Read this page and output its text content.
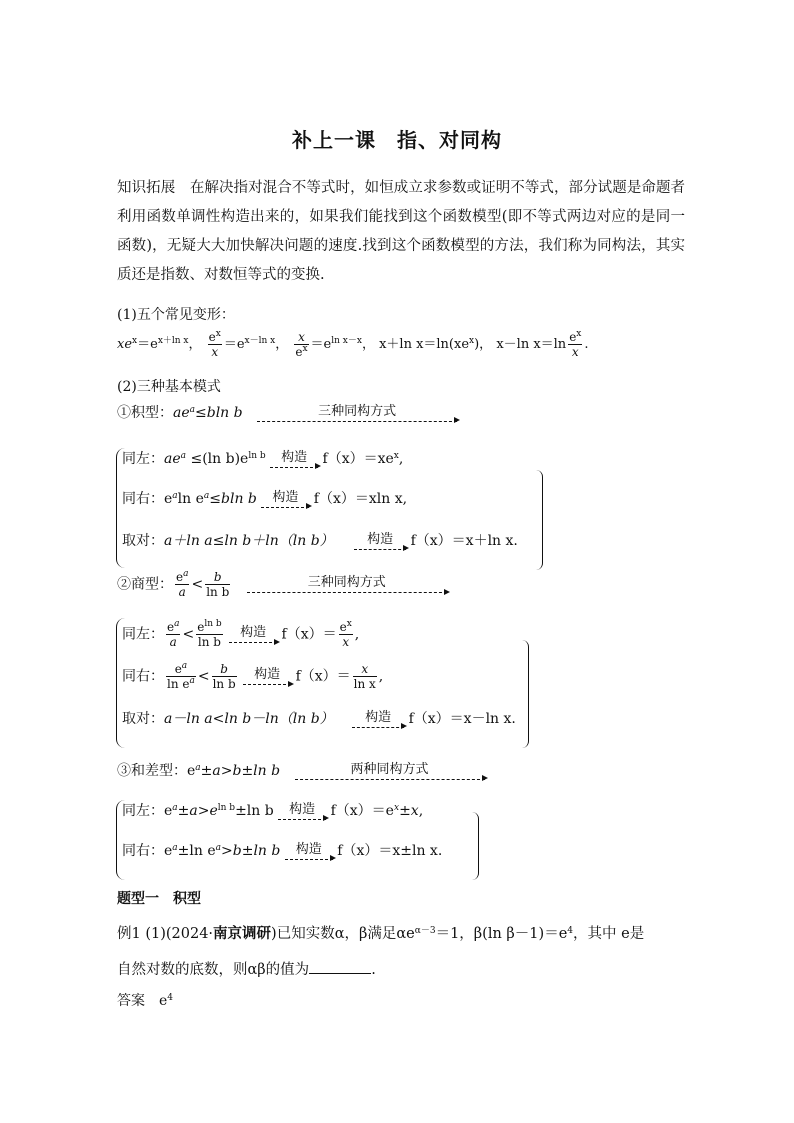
补上一课　指、对同构
知识拓展　 在解决指对混合不等式时，如恒成立求参数或证明不等式，部分试题是命题者利用函数单调性构造出来的，如果我们能找到这个函数模型(即不等式两边对应的是同一函数)，无疑大大加快解决问题的速度.找到这个函数模型的方法，我们称为同构法，其实质还是指数、对数恒等式的变换.
(1)五个常见变形：
$xe^x=e^{x+ln x}$， $\frac{e^x}{x} =e^{x-ln x}$， $\frac{x}{e^x} =e^{ln x-x}$， x＋ln $x=\ln(xe^x)$， x－ln $x=\ln \frac{e^x}{x}$ .
(2)三种基本模式
①积型：$ae^a\le bln$ b	三种同构方式
同左：$ae^a \le(\ln$ $b)e^{ln b}$	构造	$f(x)=xe^x$,
同右：$e^a\ln$ $e^a\le bln$ b	构造	f（x）＝xln x,
取对：a＋ln a≤ln b＋ln（ln b）	构造	f（x）＝x＋ln x.
②商型： $\frac{e^a}{a} < \frac{b}{\text{ln b}}$
	三种同构方式
同左： $\frac{e^a}{a} < \frac{e^{ln b}}{\text{ln b}}$
	构造	$f(x)= \frac{e^x}{x}$ ,
同右： $\frac{e^a}{\ln e^a} < \frac{b}{\text{ln b}}$
	构造	$f(x)= \frac{x}{\text{ln x}}$ ,
取对：a－ln a<ln b－ln（ln b）	构造	f（x）＝x－ln x.
③和差型：$e^a\pm a>b\pm\ln$ b	两种同构方式
同左：$e^a\pm a>e^{ln b}\pm\ln$ b	构造	$f(x)=e^x\pm x$,
同右：$e^a\pm\ln$ $e^a>b\pm\ln$ b	构造	f（x）＝x±ln x.
题型一　积型
例1 (1)(2024·南京调研)已知实数α，β满足$\alpha e^{\alpha-3}=1$，β(ln $\beta-1)=e^4$，其中 e是
自然对数的底数，则αβ的值为	.
答案　 $e^4$
